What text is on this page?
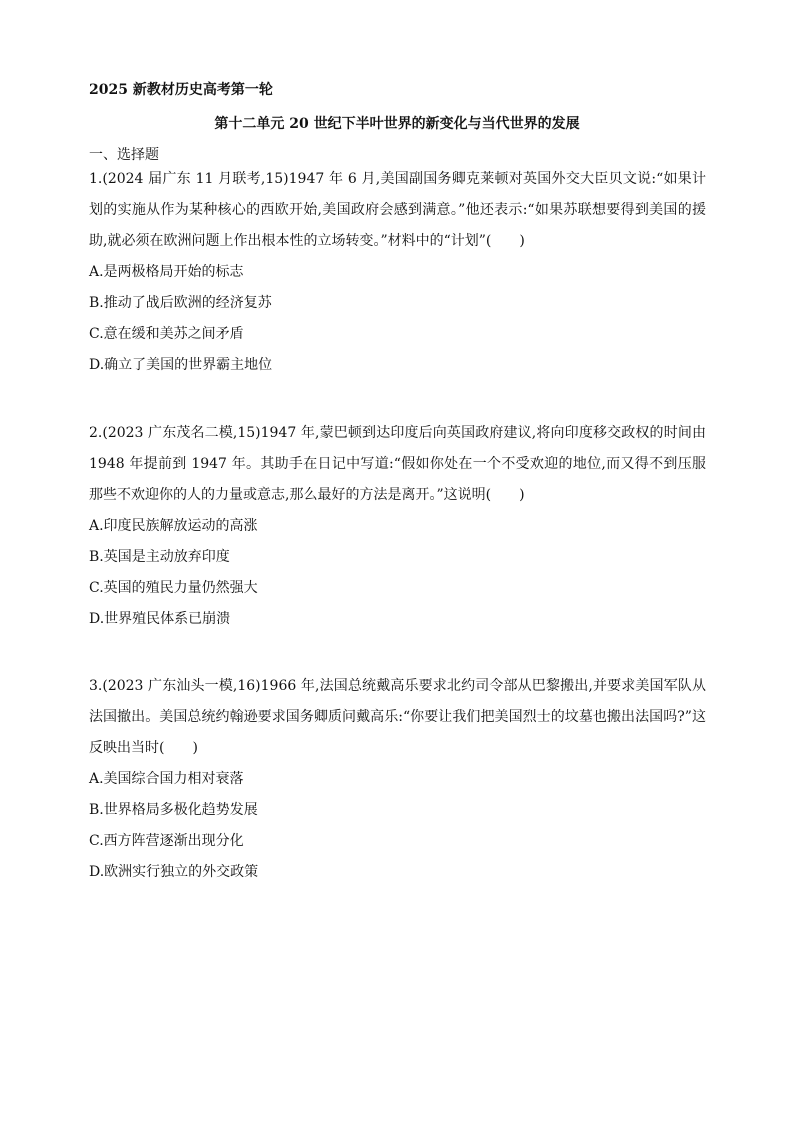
2025 新教材历史高考第一轮
第十二单元 20 世纪下半叶世界的新变化与当代世界的发展
一、选择题

1.(2024 届广东 11 月联考,15)1947 年 6 月,美国副国务卿克莱顿对英国外交大臣贝文说:“如果计划的实施从作为某种核心的西欧开始,美国政府会感到满意。”他还表示:“如果苏联想要得到美国的援助,就必须在欧洲问题上作出根本性的立场转变。”材料中的“计划”(　　)

A.是两极格局开始的标志
B.推动了战后欧洲的经济复苏
C.意在缓和美苏之间矛盾
D.确立了美国的世界霸主地位

2.(2023 广东茂名二模,15)1947 年,蒙巴顿到达印度后向英国政府建议,将向印度移交政权的时间由 1948 年提前到 1947 年。其助手在日记中写道:“假如你处在一个不受欢迎的地位,而又得不到压服那些不欢迎你的人的力量或意志,那么最好的方法是离开。”这说明(　　)

A.印度民族解放运动的高涨
B.英国是主动放弃印度
C.英国的殖民力量仍然强大
D.世界殖民体系已崩溃

3.(2023 广东汕头一模,16)1966 年,法国总统戴高乐要求北约司令部从巴黎搬出,并要求美国军队从法国撤出。美国总统约翰逊要求国务卿质问戴高乐:“你要让我们把美国烈士的坟墓也搬出法国吗?”这反映出当时(　　)

A.美国综合国力相对衰落
B.世界格局多极化趋势发展
C.西方阵营逐渐出现分化
D.欧洲实行独立的外交政策
